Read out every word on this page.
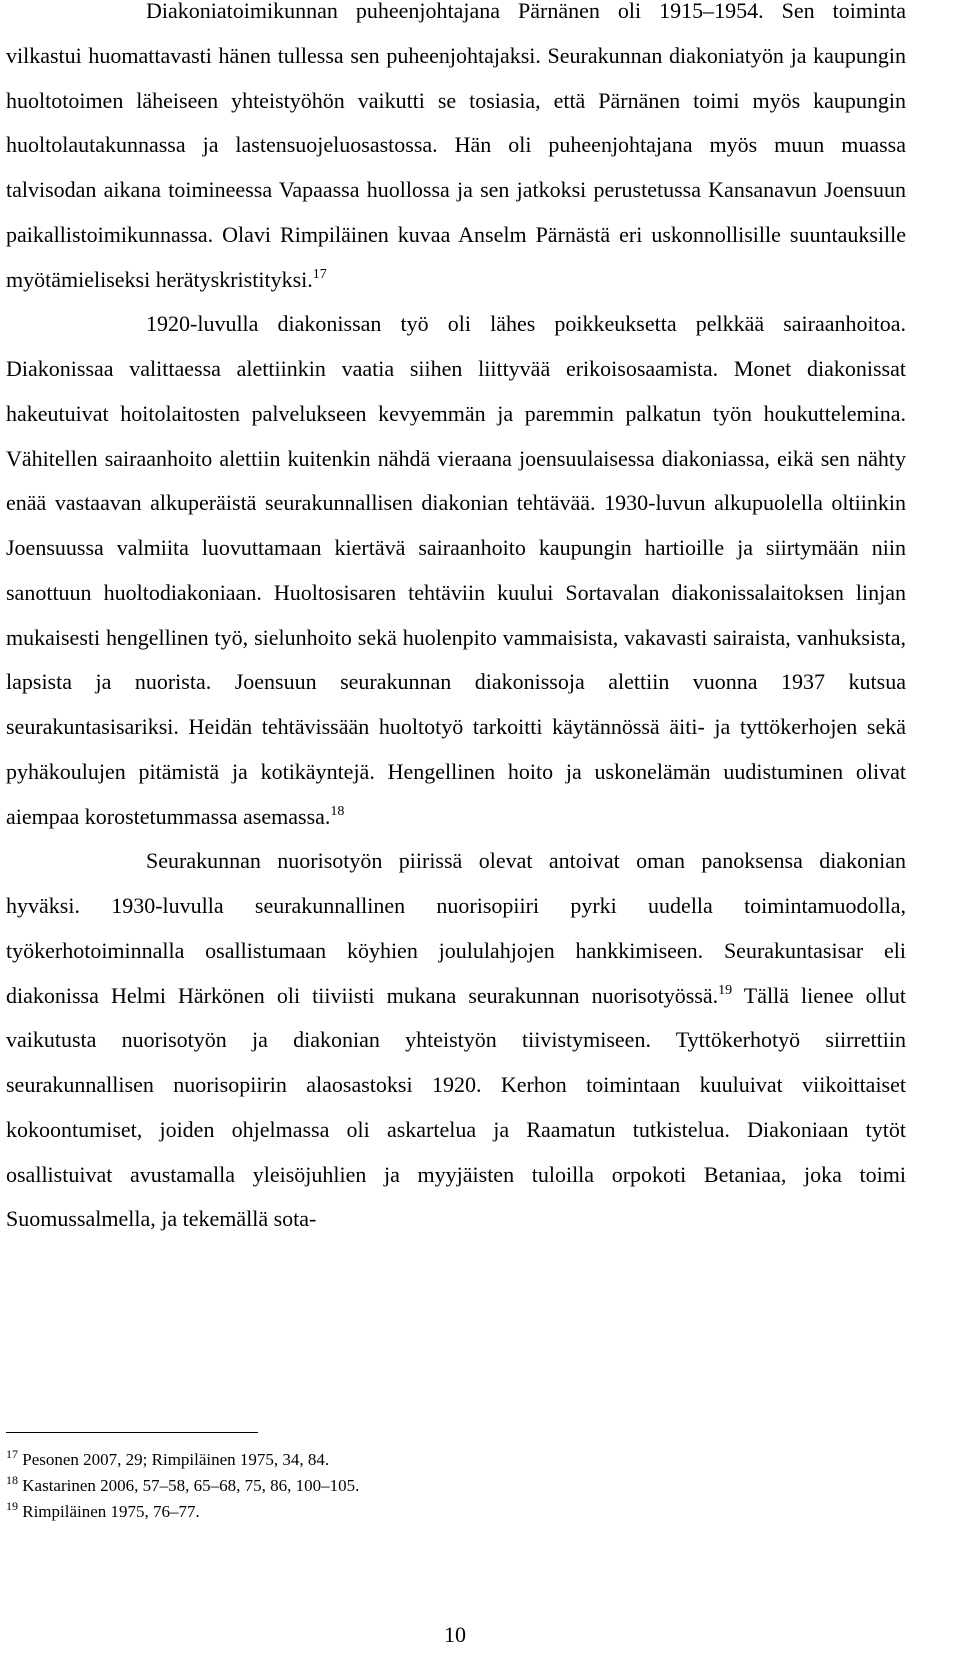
Diakoniatoimikunnan puheenjohtajana Pärnänen oli 1915–1954. Sen toiminta vilkastui huomattavasti hänen tullessa sen puheenjohtajaksi. Seurakunnan diakoniatyön ja kaupungin huoltotoimen läheiseen yhteistyöhön vaikutti se tosiasia, että Pärnänen toimi myös kaupungin huoltolautakunnassa ja lastensuojeluosastossa. Hän oli puheenjohtajana myös muun muassa talvisodan aikana toimineessa Vapaassa huollossa ja sen jatkoksi perustetussa Kansanavun Joensuun paikallistoimikunnassa. Olavi Rimpiläinen kuvaa Anselm Pärnästä eri uskonnollisille suuntauksille myötämieliseksi herätyskristityksi.$^{17}$

1920-luvulla diakonissan työ oli lähes poikkeuksetta pelkkää sairaanhoitoa. Diakonissaa valittaessa alettiinkin vaatia siihen liittyvää erikoisosaamista. Monet diakonissat hakeutuivat hoitolaitosten palvelukseen kevyemmän ja paremmin palkatun työn houkuttelemina. Vähitellen sairaanhoito alettiin kuitenkin nähdä vieraana joensuulaisessa diakoniassa, eikä sen nähty enää vastaavan alkuperäistä seurakunnallisen diakonian tehtävää. 1930-luvun alkupuolella oltiinkin Joensuussa valmiita luovuttamaan kiertävä sairaanhoito kaupungin hartioille ja siirtymään niin sanottuun huoltodiakoniaan. Huoltosisaren tehtäviin kuului Sortavalan diakonissalaitoksen linjan mukaisesti hengellinen työ, sielunhoito sekä huolenpito vammaisista, vakavasti sairaista, vanhuksista, lapsista ja nuorista. Joensuun seurakunnan diakonissoja alettiin vuonna 1937 kutsua seurakuntasisariksi. Heidän tehtävissään huoltotyö tarkoitti käytännössä äiti- ja tyttökerhojen sekä pyhäkoulujen pitämistä ja kotikäyntejä. Hengellinen hoito ja uskonelämän uudistuminen olivat aiempaa korostetummassa asemassa.$^{18}$

Seurakunnan nuorisotyön piirissä olevat antoivat oman panoksensa diakonian hyväksi. 1930-luvulla seurakunnallinen nuorisopiiri pyrki uudella toimintamuodolla, työkerhotoiminnalla osallistumaan köyhien joululahjojen hankkimiseen. Seurakuntasisar eli diakonissa Helmi Härkönen oli tiiviisti mukana seurakunnan nuorisotyössä.$^{19}$ Tällä lienee ollut vaikutusta nuorisotyön ja diakonian yhteistyön tiivistymiseen. Tyttökerhotyö siirrettiin seurakunnallisen nuorisopiirin alaosastoksi 1920. Kerhon toimintaan kuuluivat viikoittaiset kokoontumiset, joiden ohjelmassa oli askartelua ja Raamatun tutkistelua. Diakoniaan tytöt osallistuivat avustamalla yleisöjuhlien ja myyjäisten tuloilla orpokoti Betaniaa, joka toimi Suomussalmella, ja tekemällä sota-

$^{17}$ Pesonen 2007, 29; Rimpiläinen 1975, 34, 84.

$^{18}$ Kastarinen 2006, 57–58, 65–68, 75, 86, 100–105.

$^{19}$ Rimpiläinen 1975, 76–77.

10
